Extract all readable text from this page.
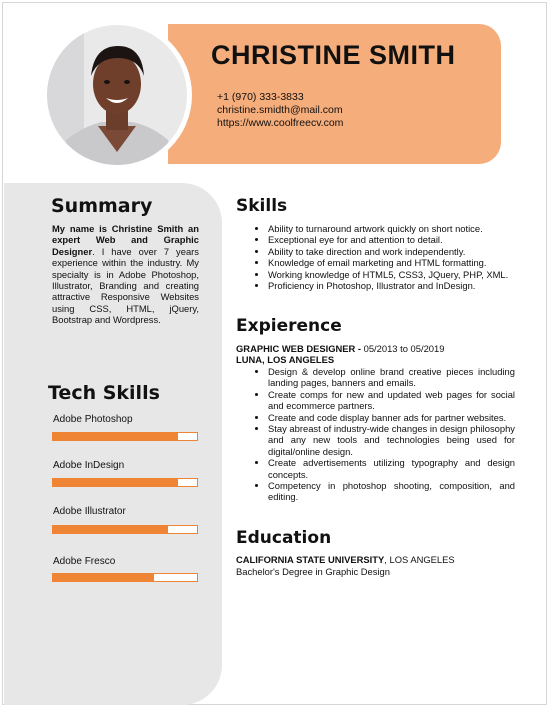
CHRISTINE SMITH
+1 (970) 333-3833
christine.smidth@mail.com
https://www.coolfreecv.com
Summary
My name is Christine Smith an expert Web and Graphic Designer. I have over 7 years experience within the industry. My specialty is in Adobe Photoshop, Illustrator, Branding and creating attractive Responsive Websites using CSS, HTML, jQuery, Bootstrap and Wordpress.
Tech Skills
Adobe Photoshop
Adobe InDesign
Adobe Illustrator
Adobe Fresco
Skills
• Ability to turnaround artwork quickly on short notice.
• Exceptional eye for and attention to detail.
• Ability to take direction and work independently.
• Knowledge of email marketing and HTML formatting.
• Working knowledge of HTML5, CSS3, JQuery, PHP, XML.
• Proficiency in Photoshop, Illustrator and InDesign.
Expierence
GRAPHIC WEB DESIGNER - 05/2013 to 05/2019
LUNA, LOS ANGELES
• Design & develop online brand creative pieces including landing pages, banners and emails.
• Create comps for new and updated web pages for social and ecommerce partners.
• Create and code display banner ads for partner websites.
• Stay abreast of industry-wide changes in design philosophy and any new tools and technologies being used for digital/online design.
• Create advertisements utilizing typography and design concepts.
• Competency in photoshop shooting, composition, and editing.
Education
CALIFORNIA STATE UNIVERSITY, LOS ANGELES
Bachelor's Degree in Graphic Design
